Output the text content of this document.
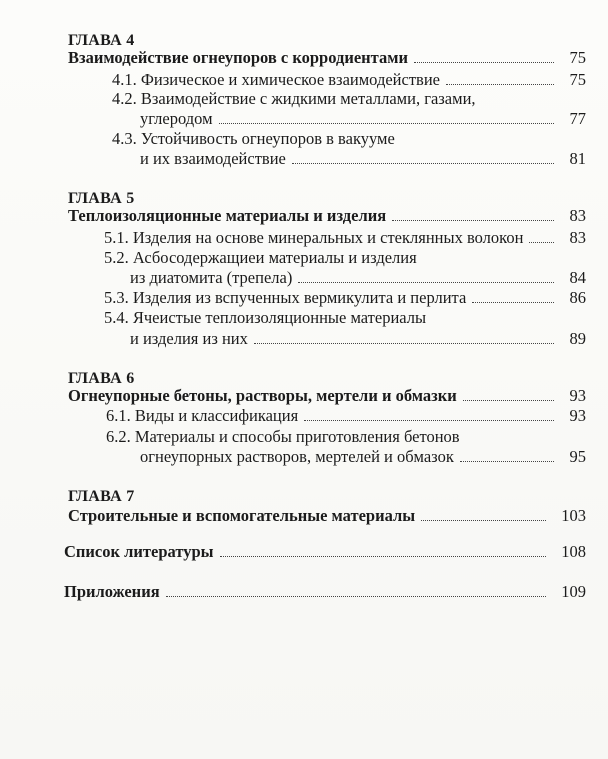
ГЛАВА 4
Взаимодействие огнеупоров с корродиентами	75
4.1. Физическое и химическое взаимодействие	75
4.2. Взаимодействие с жидкими металлами, газами,
углеродом	77
4.3. Устойчивость огнеупоров в вакууме
и их взаимодействие	81
ГЛАВА 5
Теплоизоляционные материалы и изделия	83
5.1. Изделия на основе минеральных и стеклянных волокон	83
5.2. Асбосодержащиеи материалы и изделия
из диатомита (трепела)	84
5.3. Изделия из вспученных вермикулита и перлита	86
5.4. Ячеистые теплоизоляционные материалы
и изделия из них	89
ГЛАВА 6
Огнеупорные бетоны, растворы, мертели и обмазки	93
6.1. Виды и классификация	93
6.2. Материалы и способы приготовления бетонов
огнеупорных растворов, мертелей и обмазок	95
ГЛАВА 7
Строительные и вспомогательные материалы	103
Список литературы	108
Приложения	109
